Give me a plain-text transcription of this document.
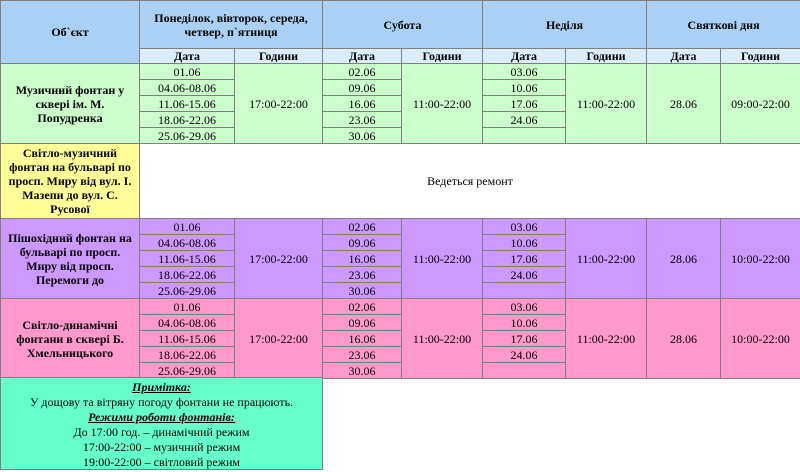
Об`єкт	Понеділок, вівторок, середа, четвер, п`ятниця		Субота		Неділя		Святкові дня	
	Дата	Години	Дата	Години	Дата	Години	Дата	Години
Музичний фонтан у сквері ім. М. Попудренка	01.06	17:00-22:00	02.06	11:00-22:00	03.06	11:00-22:00	28.06	09:00-22:00
	04.06-08.06		09.06		10.06			
	11.06-15.06		16.06		17.06			
	18.06-22.06		23.06		24.06			
	25.06-29.06		30.06					
Світло-музичний фонтан на бульварі по просп. Миру від вул. І. Мазепи до вул. С. Русової	Ведеться ремонт							
Пішохідний фонтан на бульварі по просп. Миру від просп. Перемоги до	01.06	17:00-22:00	02.06	11:00-22:00	03.06	11:00-22:00	28.06	10:00-22:00
	04.06-08.06		09.06		10.06			
	11.06-15.06		16.06		17.06			
	18.06-22.06		23.06		24.06			
	25.06-29.06		30.06					
Світло-динамічні фонтани в сквері Б. Хмельницького	01.06	17:00-22:00	02.06	11:00-22:00	03.06	11:00-22:00	28.06	10:00-22:00
	04.06-08.06		09.06		10.06			
	11.06-15.06		16.06		17.06			
	18.06-22.06		23.06		24.06			
	25.06-29.06		30.06					
Примітка:
У дощову та вітряну погоду фонтани не працюють.
Режими роботи фонтанів:
До 17:00 год. – динамічний режим
17:00-22:00 – музичний режим
19:00-22:00 – світловий режим
